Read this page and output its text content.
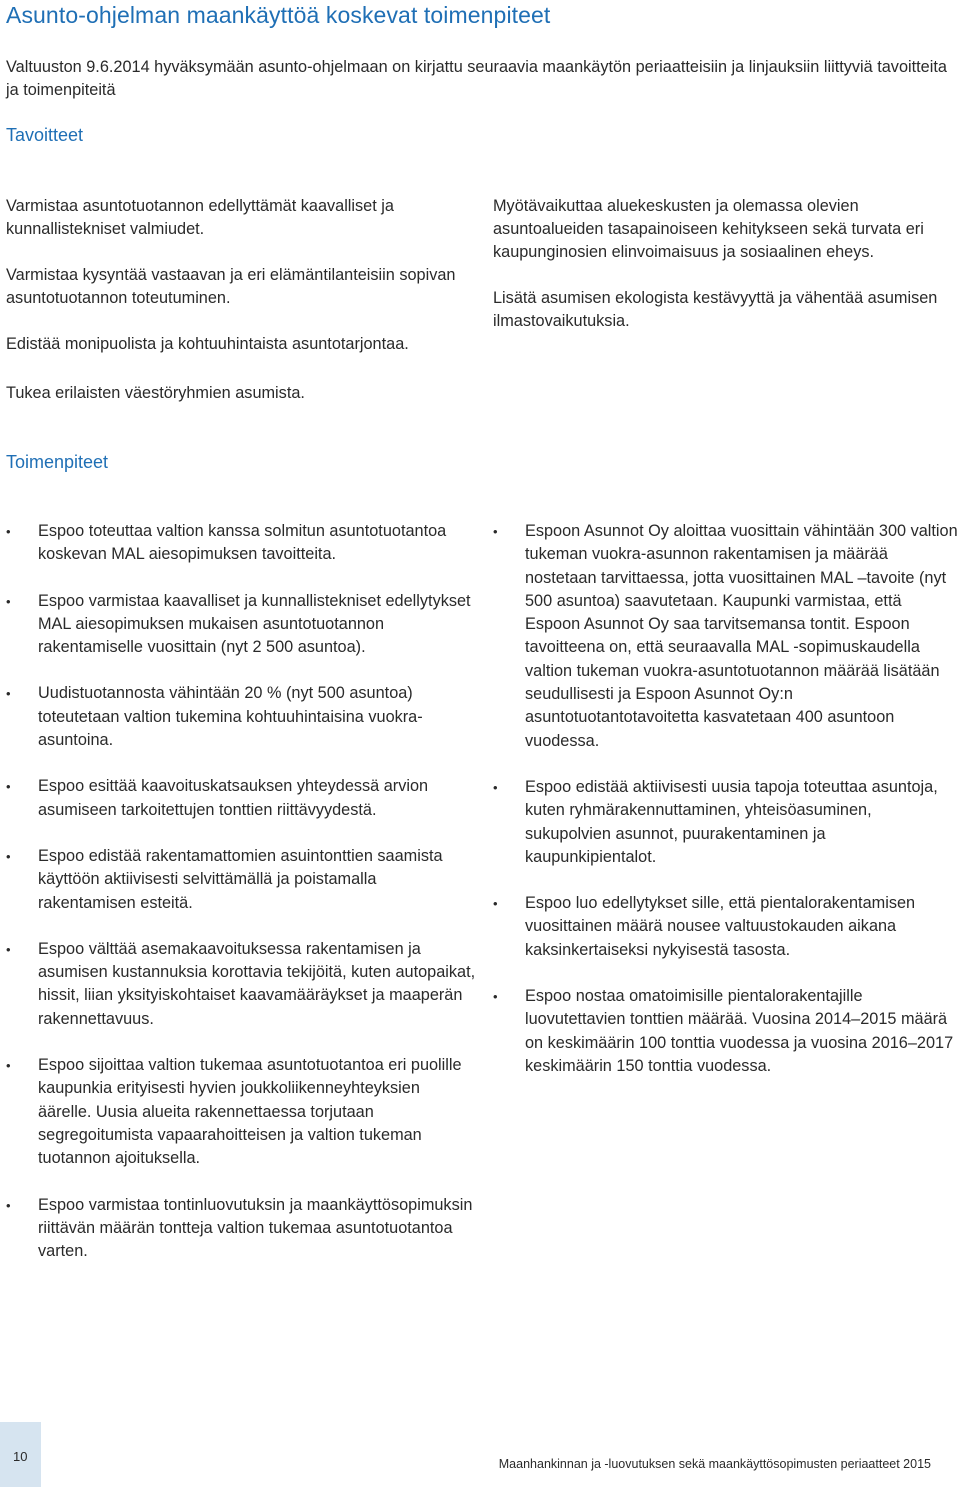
Asunto-ohjelman maankäyttöä koskevat toimenpiteet

Valtuuston 9.6.2014 hyväksymään asunto-ohjelmaan on kirjattu seuraavia maankäytön periaatteisiin ja linjauksiin liittyviä tavoitteita ja toimenpiteitä

Tavoitteet

Varmistaa asuntotuotannon edellyttämät kaavalliset ja kunnallistekniset valmiudet.

Varmistaa kysyntää vastaavan ja eri elämäntilanteisiin sopivan asuntotuotannon toteutuminen.

Edistää monipuolista ja kohtuuhintaista asuntotarjontaa.

Myötävaikuttaa aluekeskusten ja olemassa olevien asuntoalueiden tasapainoiseen kehitykseen sekä turvata eri kaupunginosien elinvoimaisuus ja sosiaalinen eheys.

Lisätä asumisen ekologista kestävyyttä ja vähentää asumisen ilmastovaikutuksia.

Tukea erilaisten väestöryhmien asumista.

Toimenpiteet
• Espoo toteuttaa valtion kanssa solmitun asuntotuotantoa koskevan MAL aiesopimuksen tavoitteita.
• Espoo varmistaa kaavalliset ja kunnallistekniset edellytykset MAL aiesopimuksen mukaisen asuntotuotannon rakentamiselle vuosittain (nyt 2 500 asuntoa).
• Uudistuotannosta vähintään 20 % (nyt 500 asuntoa) toteutetaan valtion tukemina kohtuuhintaisina vuokra-asuntoina.
• Espoo esittää kaavoituskatsauksen yhteydessä arvion asumiseen tarkoitettujen tonttien riittävyydestä.
• Espoo edistää rakentamattomien asuintonttien saamista käyttöön aktiivisesti selvittämällä ja poistamalla rakentamisen esteitä.
• Espoo välttää asemakaavoituksessa rakentamisen ja asumisen kustannuksia korottavia tekijöitä, kuten autopaikat, hissit, liian yksityiskohtaiset kaavamääräykset ja maaperän rakennettavuus.
• Espoo sijoittaa valtion tukemaa asuntotuotantoa eri puolille kaupunkia erityisesti hyvien joukkoliikenneyhteyksien äärelle. Uusia alueita rakennettaessa torjutaan segregoitumista vapaarahoitteisen ja valtion tukeman tuotannon ajoituksella.
• Espoo varmistaa tontinluovutuksin ja maankäyttösopimuksin riittävän määrän tontteja valtion tukemaa asuntotuotantoa varten.
• Espoon Asunnot Oy aloittaa vuosittain vähintään 300 valtion tukeman vuokra-asunnon rakentamisen ja määrää nostetaan tarvittaessa, jotta vuosittainen MAL –tavoite (nyt 500 asuntoa) saavutetaan. Kaupunki varmistaa, että Espoon Asunnot Oy saa tarvitsemansa tontit. Espoon tavoitteena on, että seuraavalla MAL -sopimuskaudella valtion tukeman vuokra-asuntotuotannon määrää lisätään seudullisesti ja Espoon Asunnot Oy:n asuntotuotantotavoitetta kasvatetaan 400 asuntoon vuodessa.
• Espoo edistää aktiivisesti uusia tapoja toteuttaa asuntoja, kuten ryhmärakennuttaminen, yhteisöasuminen, sukupolvien asunnot, puurakentaminen ja kaupunkipientalot.
• Espoo luo edellytykset sille, että pientalorakentamisen vuosittainen määrä nousee valtuustokauden aikana kaksinkertaiseksi nykyisestä tasosta.
• Espoo nostaa omatoimisille pientalorakentajille luovutettavien tonttien määrää. Vuosina 2014–2015 määrä on keskimäärin 100 tonttia vuodessa ja vuosina 2016–2017 keskimäärin 150 tonttia vuodessa.
10	Maanhankinnan ja -luovutuksen sekä maankäyttösopimusten periaatteet 2015
